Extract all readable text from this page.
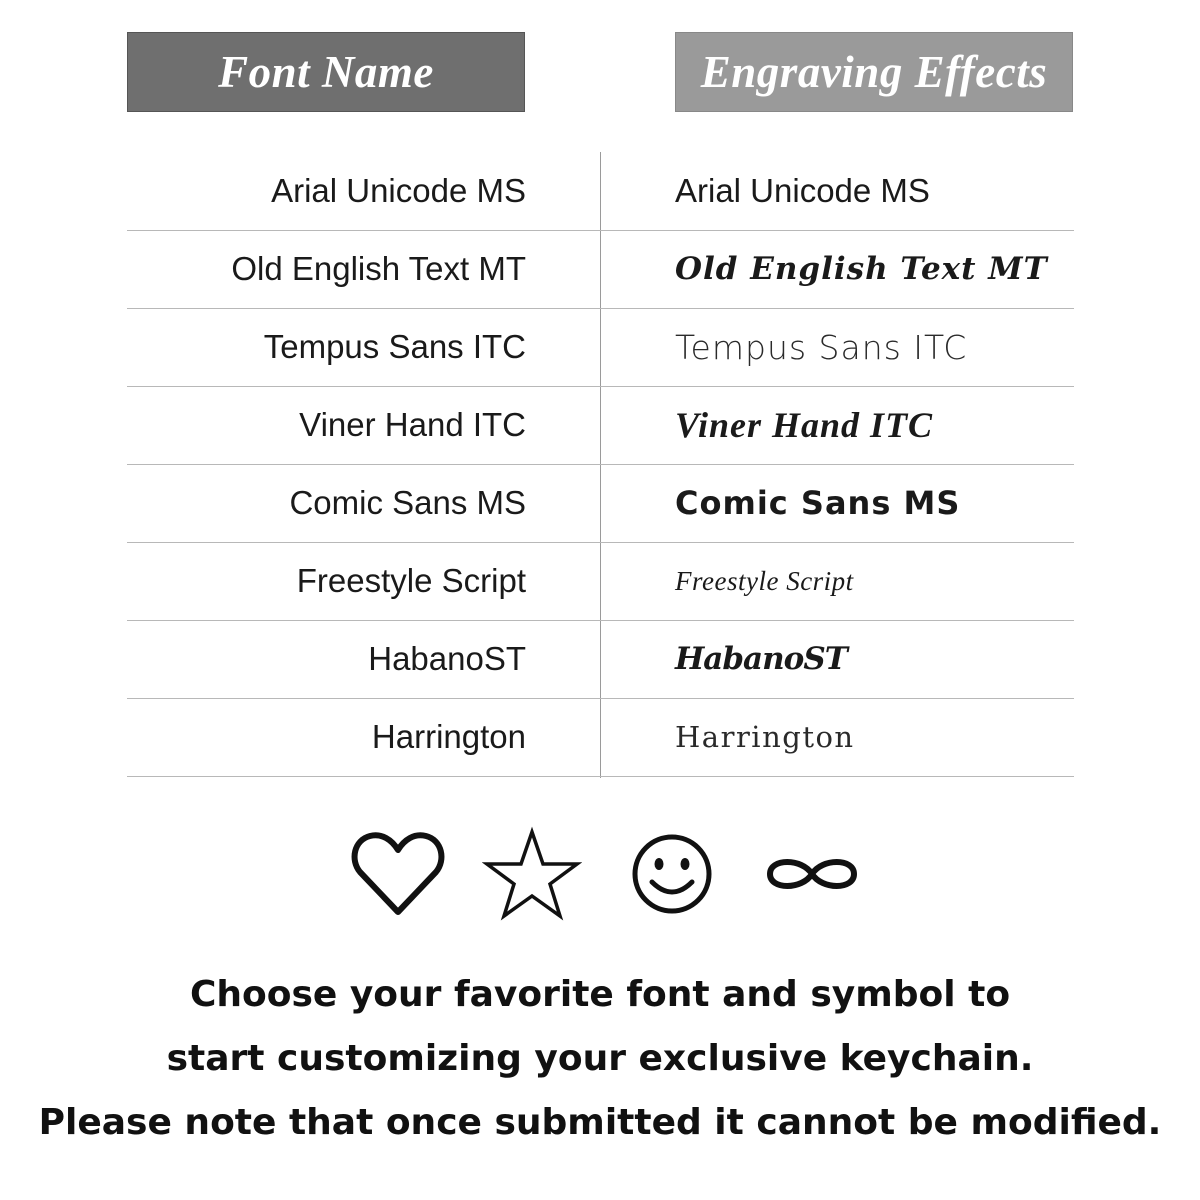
Font Name	Engraving Effects
Arial Unicode MS	Arial Unicode MS
Old English Text MT	Old English Text MT
Tempus Sans ITC	Tempus Sans ITC
Viner Hand ITC	Viner Hand ITC
Comic Sans MS	Comic Sans MS
Freestyle Script	Freestyle Script
HabanoST	HabanoST
Harrington	Harrington
Choose your favorite font and symbol to
start customizing your exclusive keychain.
Please note that once submitted it cannot be modified.
